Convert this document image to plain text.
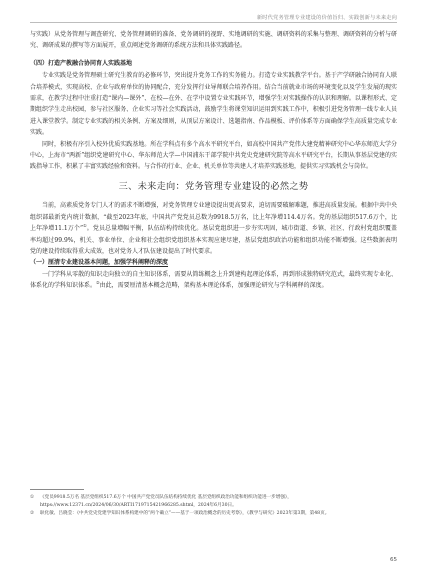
新时代党务管理专业建设的价值旨归、实践创新与未来走向

与实践）从党务管理与调查研究、党务管理调研的准备、党务调研的视野、实地调研的实施、调研资料的采集与整理、调研资料的分析与研究、调研成果的撰写等方面展开，重点阐述党务调研的系统方法和具体实践路径。

（四）打造产教融合协同育人实践基地

专业实践是党务管理硕士研究生教育的必修环节，突出提升党务工作的实务能力。打造专业实践教学平台。基于产学研融合协同育人联合培养模式，实现高校、企业与政府单位的协同配合，充分发挥行业导师联合培养作用。结合当前就业市场的环境变化以及学生发展的现实需求，在教学过程中注重打造“课内—课外”、在校—在外、在学中设置专业实践环节，增强学生对实践操作的认识和理解。以课程形式、定期组织学生走出校园，参与社区服务、企业实习等社会实践活动，鼓励学生将课堂知识运用到实践工作中，积极引进党务管理一线专业人员进入课堂教学。制定专业实践的相关条例、方案及细则，从顶层方案设计、选题指南、作品模板、评价体系等方面确保学生高质量完成专业实践。

同时，积极有序引入校外优质实践基地。所在学科点有多个高水平研究平台，如高校中国共产党伟大建党精神研究中心华东师范大学分中心，上海市“两新”组织党建研究中心、华东师范大学—中国浦东干部学院中共党史党建研究院等高水平研究平台，长期从事基层党建的实践指导工作，积累了丰富实践经验和资料。与合作的行业、企业、机关单位等共建人才培养实践基地，提供实习实践机会与岗位。

三、未来走向：党务管理专业建设的必然之势

当前，高素质党务专门人才的需求不断增强，对党务管理专业建设提出更高要求，迫切需要破解难题，推进高质量发展。根据中共中央组织部最新党内统计数据，“截至2023年底，中国共产党党员总数为9918.5万名，比上年净增114.4万名。党的基层组织517.6万个，比上年净增11.1万个”①。党员总量增幅平衡，队伍结构持续优化。基层党组织进一步夯实巩固，城市街道、乡镇、社区、行政村党组织覆盖率均超过99.9%，机关、事业单位、企业和社会组织党组织基本实现应建尽建，基层党组织政治功能和组织功能不断增强。这些数据表明党的建设持续取得重大成效，也对党务人才队伍建设提出了时代要求。

（一）厘清专业建设基本问题，加强学科阐释的深度

一门学科从零散的知识走向独立的自主知识体系，需要从简练概念上升到建构起理论体系，再到形成独特研究范式，最终实现专业化、体系化的学科知识体系。②由此，需要厘清基本概念范畴，架构基本理论体系，加强理论研究与学科阐释的深度。

①	《党员9918.5万名 基层党组织517.6万个 中国共产党党员队伍结构持续优化 基层党组织政治功能和组织功能进一步增强》，https://www.12371.cn/2024/06/30/ARTI1719715421966285.shtml，2024年6月30日。
②	耿化敏、吕晓莹：《中共党史党建学知识体系构建中的“两个确立”——基于一项政治概念的历史考察》，《教学与研究》2023年第3期，第48页。
65
